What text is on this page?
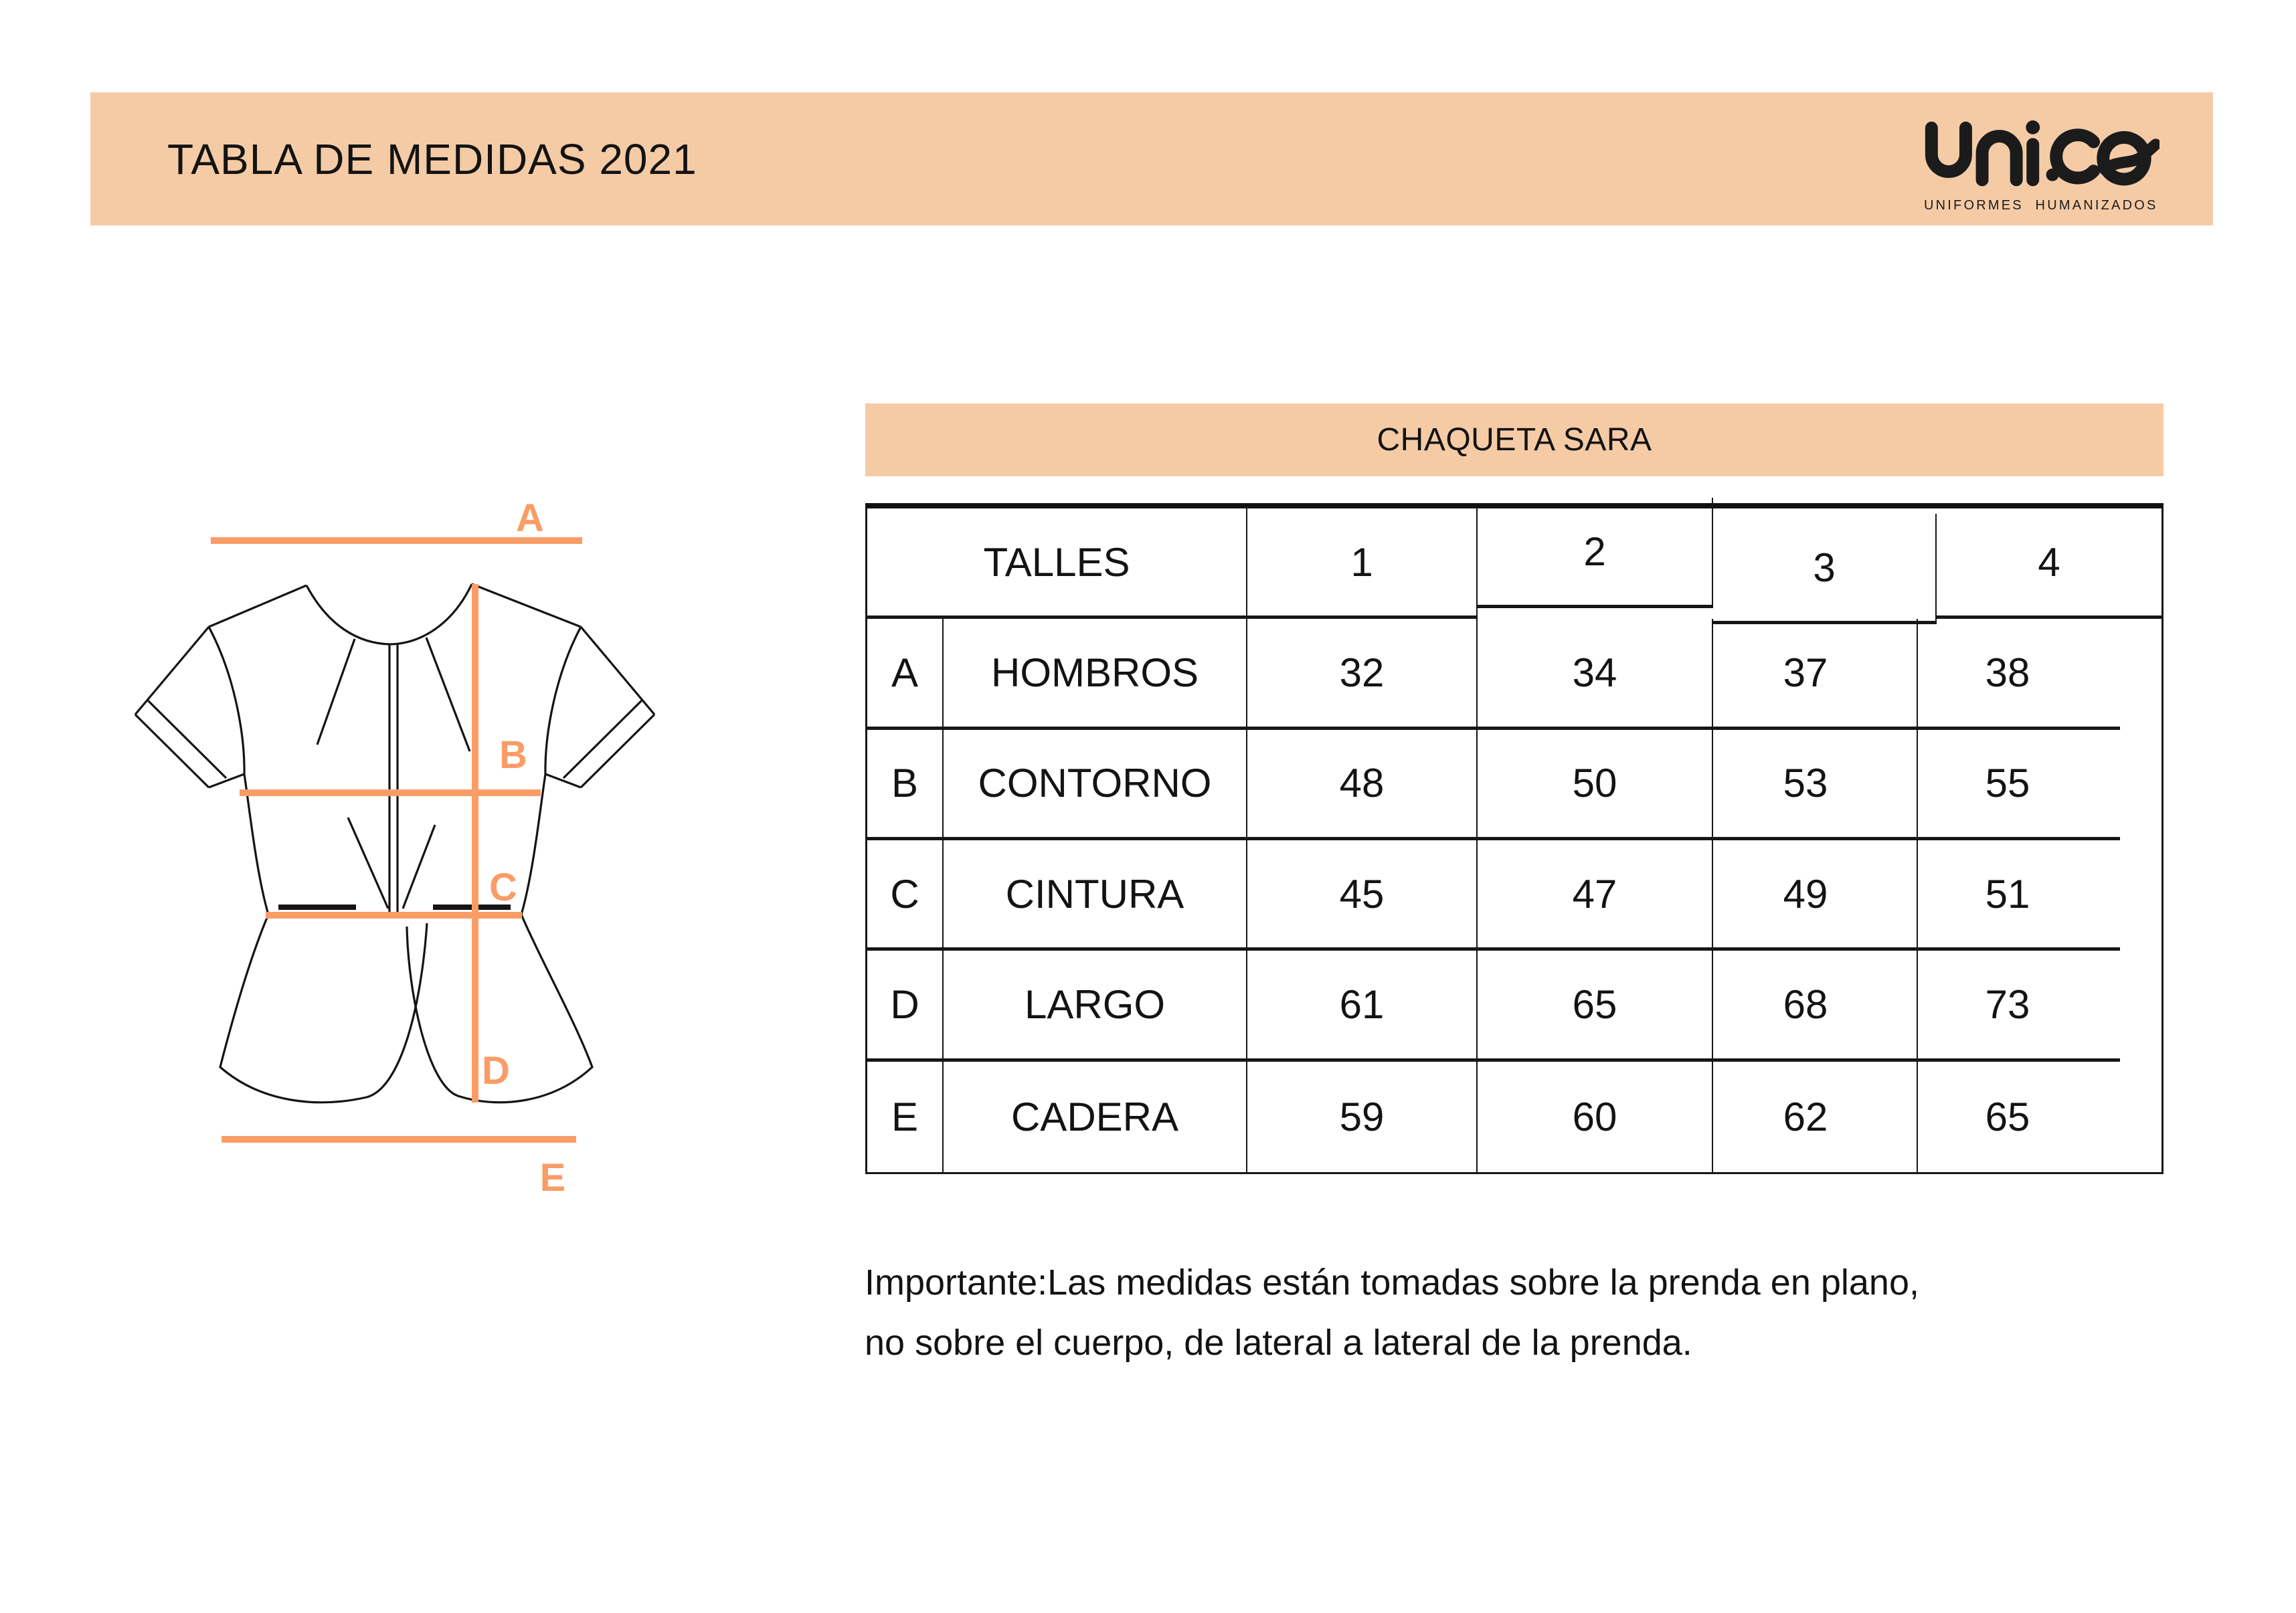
TABLA DE MEDIDAS 2021
UNIFORMES HUMANIZADOS
A
B
C
D
E
CHAQUETA SARA
TALLES	1	2	3	4
A	HOMBROS	32	34	37	38
B	CONTORNO	48	50	53	55
C	CINTURA	45	47	49	51
D	LARGO	61	65	68	73
E	CADERA	59	60	62	65
Importante:Las medidas están tomadas sobre la prenda en plano,
no sobre el cuerpo, de lateral a lateral de la prenda.
